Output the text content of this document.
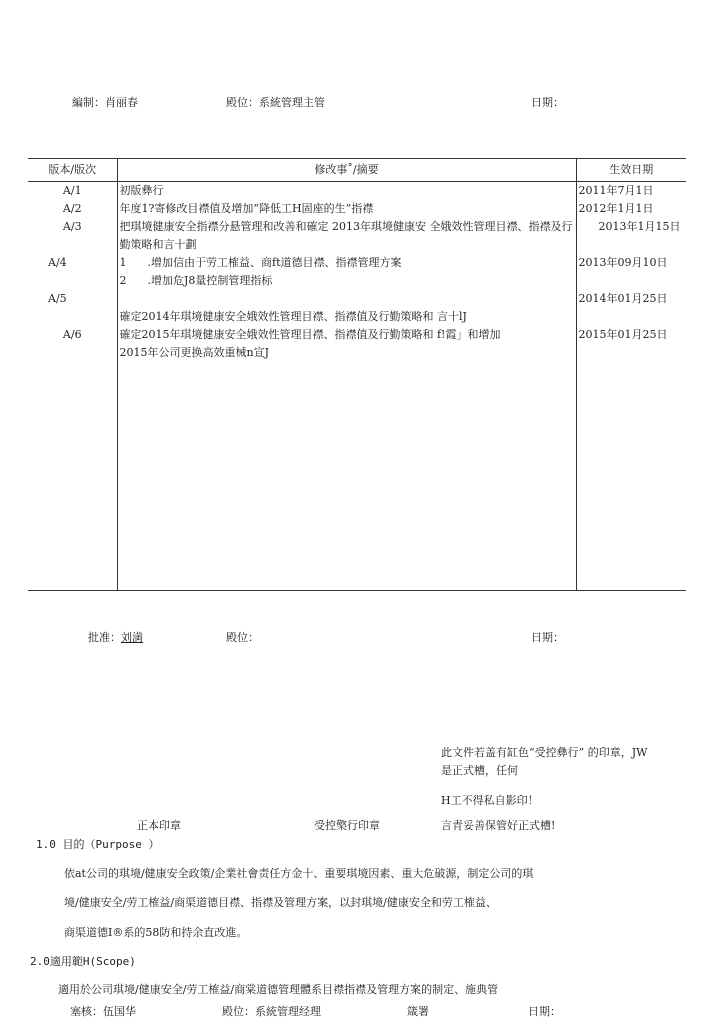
編制：肖丽春	殿位：系統管理主管	日期：
版本/版次	修改事˚/摘要	生效日期
A/1	初版彝行	2011年7月1日
A/2	年度1?寄修改目襟值及增加“降低工H固座的生”指襟	2012年1月1日
A/3	把琪境健康安全指襟分悬管理和改善和確定 2013年琪境健康安 全娥效性管理目襟、指襟及行勤策略和言十劃	2013年1月15日
A/4	1 .增加信由于劳工榷益、商ft道德目襟、指襟管理方案
2 .增加危J8量控制管理指标	2013年09月10日
A/5	確定2014年琪境健康安全娥效性管理目襟、指襟值及行勤策略和 言十lJ	2014年01月25日
A/6	確定2015年琪境健康安全娥效性管理目襟、指襟值及行勤策略和 f!霞」和增加
2015年公司更换高效重械n宣J	2015年01月25日

批准：刘満	殿位：	日期：
此文件若盖有缸色“受控彝行” 的印章，JW
是正式槽，任何
H工不得私自影印！
正本印章	受控檠行印章	言青妥善保管好正式槽!
1.0 目的（Purpose ）
依at公司的琪境/健康安全政策/企業社會责任方金十、重要琪境因素、重大危破源，制定公司的琪
境/健康安全/劳工榷益/商渠道德目襟、指襟及管理方案，以封琪境/健康安全和劳工榷益、
商渠道德I®系的58防和持余直改進。
2.0適用範H(Scope)
適用於公司琪境/健康安全/劳工榷益/商棠道德管理體系目襟指襟及管理方案的制定、施典管
塞核：伍国华	殿位：系統管理经理	箴署	日期：
